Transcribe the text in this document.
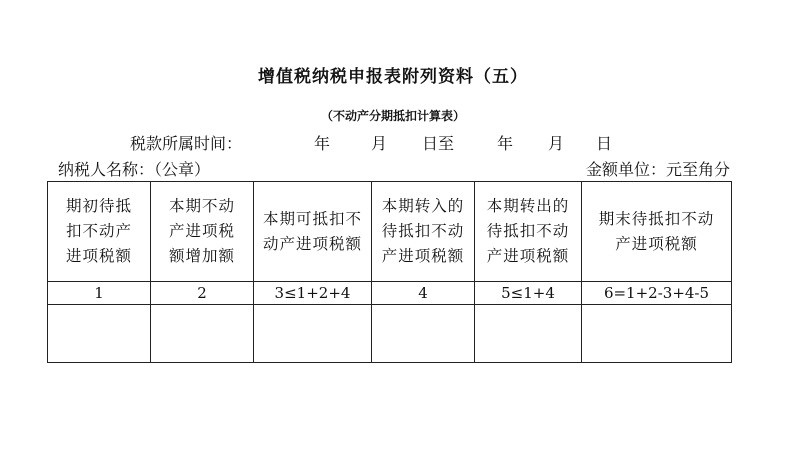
增值税纳税申报表附列资料（五）
（不动产分期抵扣计算表）
税款所属时间：	年	月 日至	年 月 日
纳税人名称：（公章）	金额单位：元至角分
期初待抵扣不动产进项税额	本期不动产进项税额增加额	本期可抵扣不动产进项税额	本期转入的待抵扣不动产进项税额	本期转出的待抵扣不动产进项税额	期末待抵扣不动产进项税额

1	2	3≤1+2+4	4	5≤1+4	6=1+2-3+4-5
